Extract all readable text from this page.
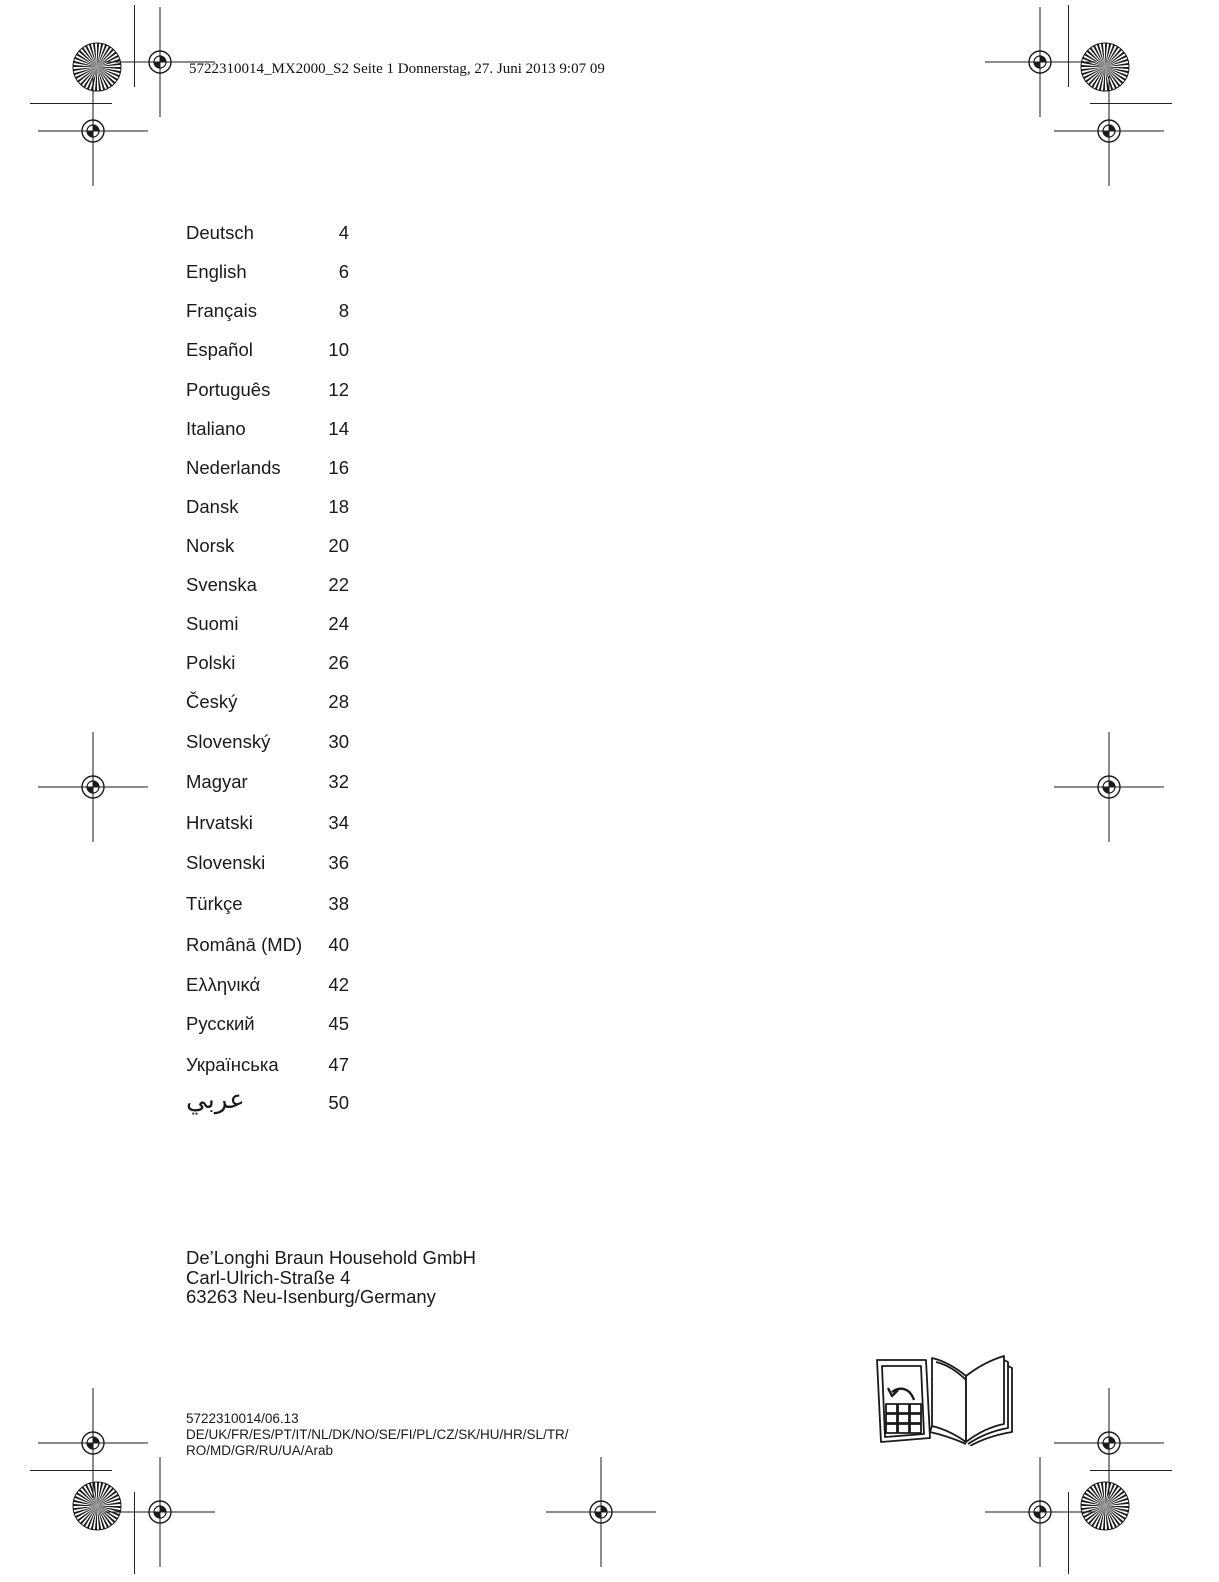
5722310014_MX2000_S2 Seite 1 Donnerstag, 27. Juni 2013 9:07 09
Deutsch	4
English	6
Français	8
Español	10
Português	12
Italiano	14
Nederlands	16
Dansk	18
Norsk	20
Svenska	22
Suomi	24
Polski	26
Český	28
Slovenský	30
Magyar	32
Hrvatski	34
Slovenski	36
Türkçe	38
Românā (MD)	40
Ελληνικά	42
Русский	45
Українська	47
عربي	50
De’Longhi Braun Household GmbH
Carl-Ulrich-Straße 4
63263 Neu-Isenburg/Germany
5722310014/06.13
DE/UK/FR/ES/PT/IT/NL/DK/NO/SE/FI/PL/CZ/SK/HU/HR/SL/TR/
RO/MD/GR/RU/UA/Arab
